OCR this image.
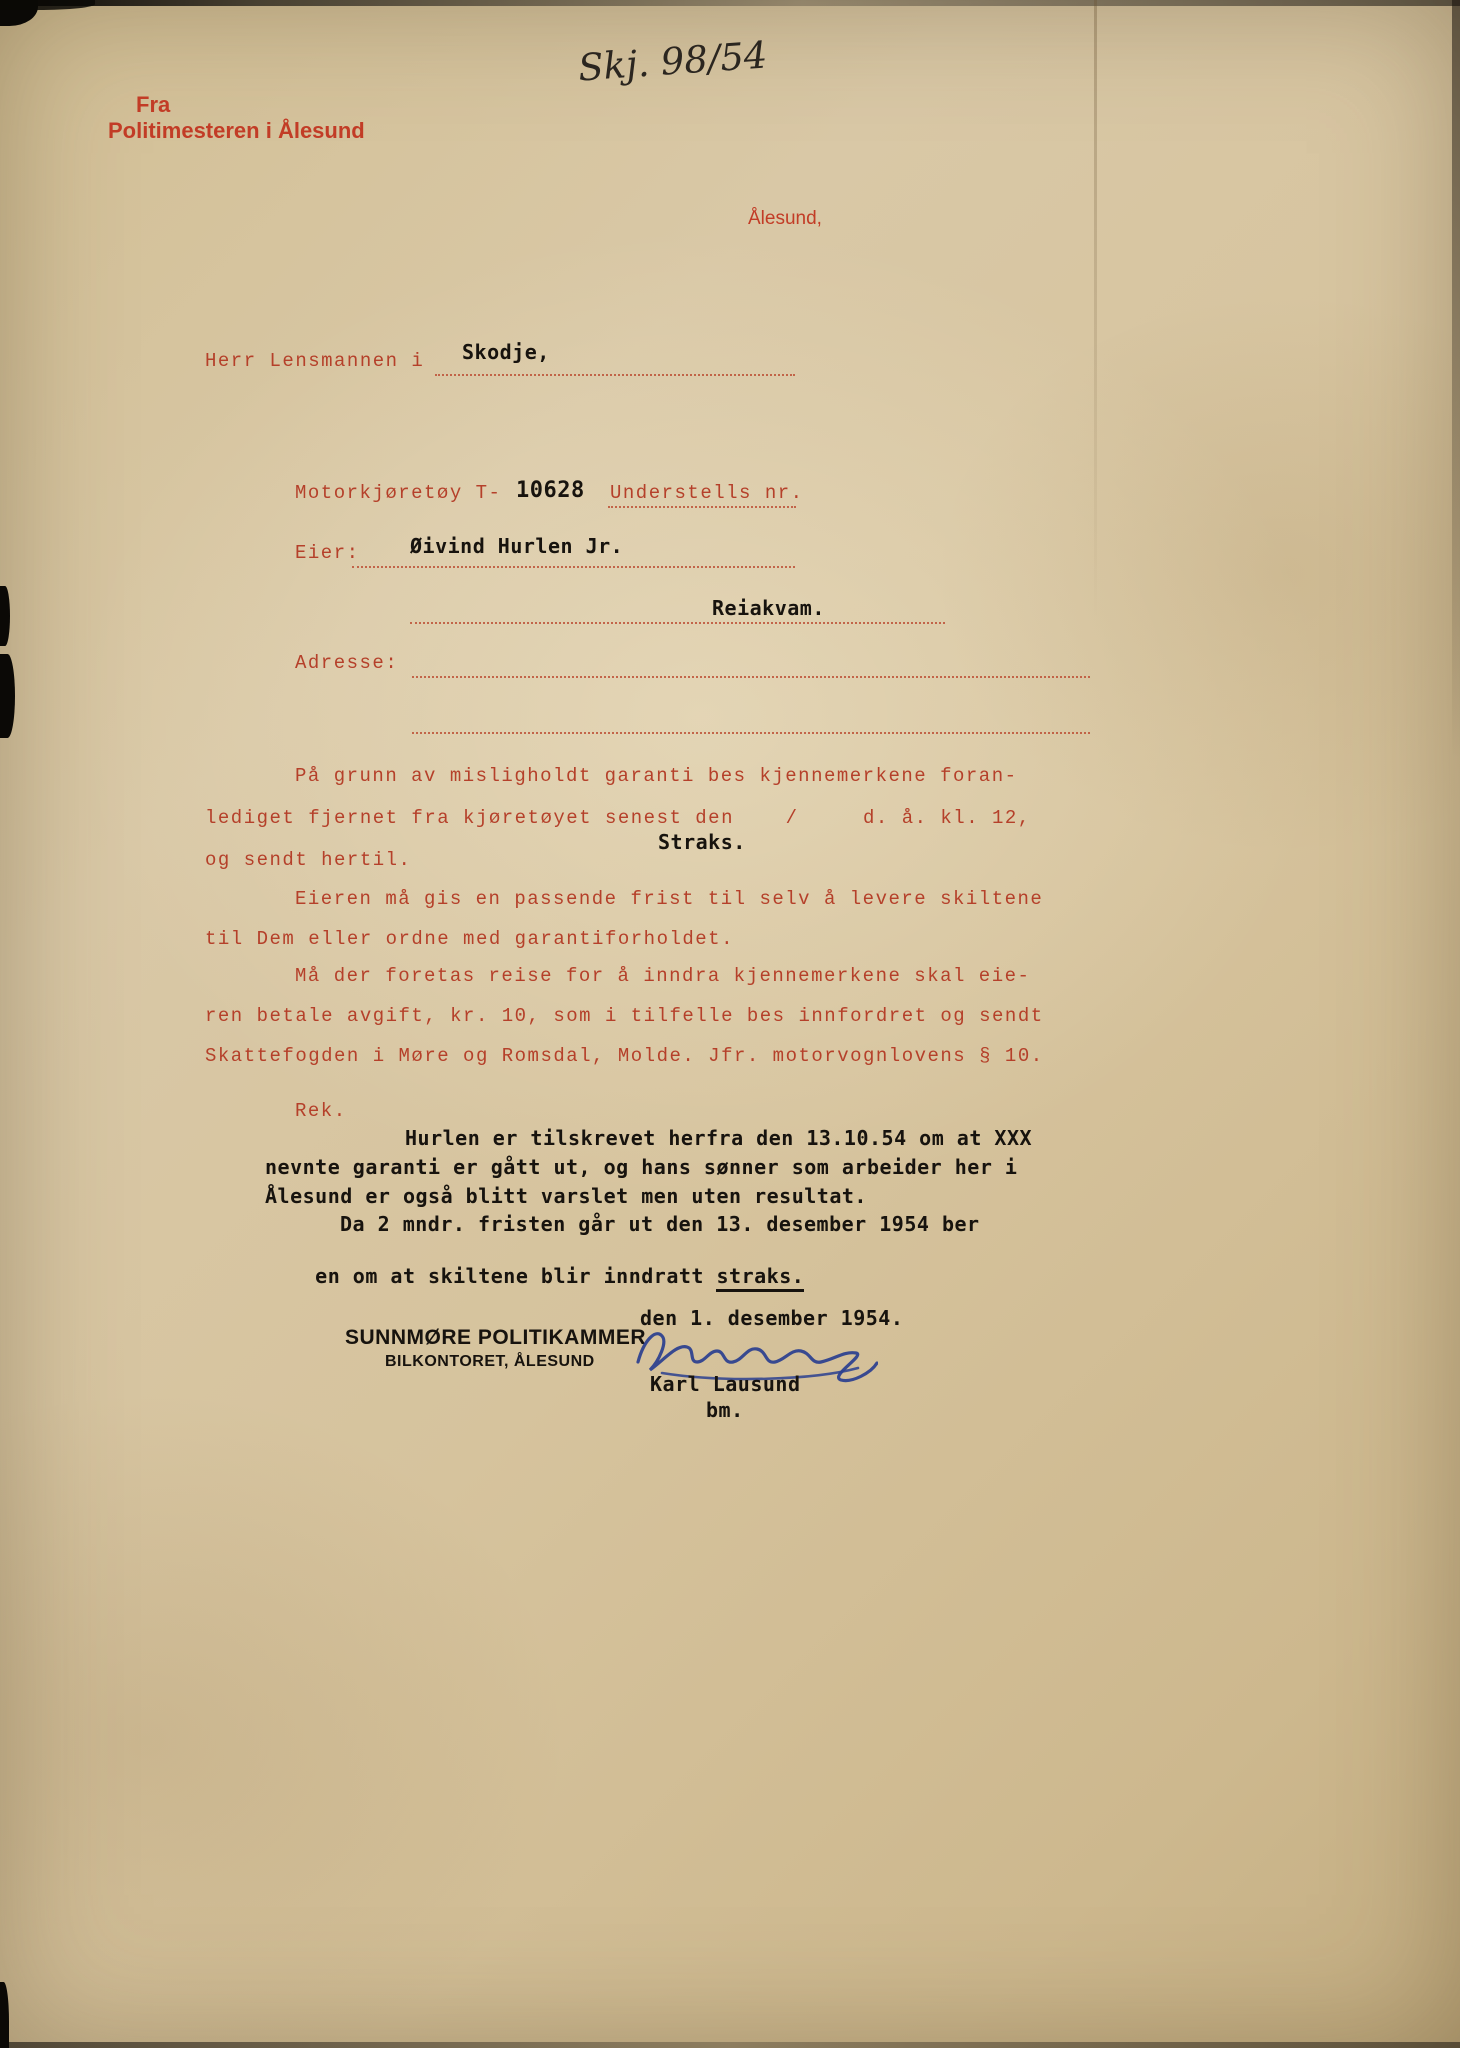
Skj. 98/54
Fra
Politimesteren i Ålesund
Ålesund,
Herr Lensmannen i Skodje,
Motorkjøretøy T- 10628 Understells nr.
Eier:	Øivind Hurlen Jr.
Reiakvam.
Adresse:
På grunn av misligholdt garanti bes kjennemerkene foran-
lediget fjernet fra kjøretøyet senest den    /     d. å. kl. 12,
Straks.
og sendt hertil.
Eieren må gis en passende frist til selv å levere skiltene
til Dem eller ordne med garantiforholdet.
Må der foretas reise for å inndra kjennemerkene skal eie-
ren betale avgift, kr. 10, som i tilfelle bes innfordret og sendt
Skattefogden i Møre og Romsdal, Molde. Jfr. motorvognlovens § 10.
Rek.
Hurlen er tilskrevet herfra den 13.10.54 om at XXX
nevnte garanti er gått ut, og hans sønner som arbeider her i
Ålesund er også blitt varslet men uten resultat.
Da 2 mndr. fristen går ut den 13. desember 1954 ber

en om at skiltene blir inndratt straks.

den 1. desember 1954.
SUNNMØRE POLITIKAMMER
BILKONTORET, ÅLESUND
Karl Lausund
bm.
